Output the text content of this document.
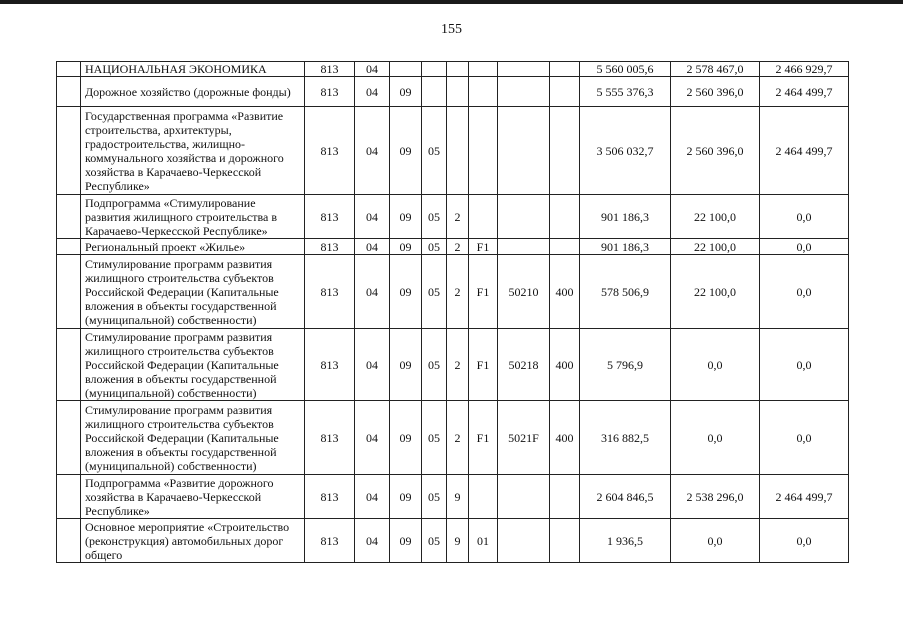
155
	НАЦИОНАЛЬНАЯ ЭКОНОМИКА	813	04							5 560 005,6	2 578 467,0	2 466 929,7
	Дорожное хозяйство (дорожные фонды)	813	04	09						5 555 376,3	2 560 396,0	2 464 499,7
	Государственная программа «Развитие строительства, архитектуры, градостроительства, жилищно-коммунального хозяйства и дорожного хозяйства в Карачаево-Черкесской Республике»	813	04	09	05					3 506 032,7	2 560 396,0	2 464 499,7
	Подпрограмма «Стимулирование развития жилищного строительства в Карачаево-Черкесской Республике»	813	04	09	05	2				901 186,3	22 100,0	0,0
	Региональный проект «Жилье»	813	04	09	05	2	F1			901 186,3	22 100,0	0,0
	Стимулирование программ развития жилищного строительства субъектов Российской Федерации (Капитальные вложения в объекты государственной (муниципальной) собственности)	813	04	09	05	2	F1	50210	400	578 506,9	22 100,0	0,0
	Стимулирование программ развития жилищного строительства субъектов Российской Федерации (Капитальные вложения в объекты государственной (муниципальной) собственности)	813	04	09	05	2	F1	50218	400	5 796,9	0,0	0,0
	Стимулирование программ развития жилищного строительства субъектов Российской Федерации (Капитальные вложения в объекты государственной (муниципальной) собственности)	813	04	09	05	2	F1	5021F	400	316 882,5	0,0	0,0
	Подпрограмма «Развитие дорожного хозяйства в Карачаево-Черкесской Республике»	813	04	09	05	9				2 604 846,5	2 538 296,0	2 464 499,7
	Основное мероприятие «Строительство (реконструкция) автомобильных дорог общего	813	04	09	05	9	01			1 936,5	0,0	0,0
